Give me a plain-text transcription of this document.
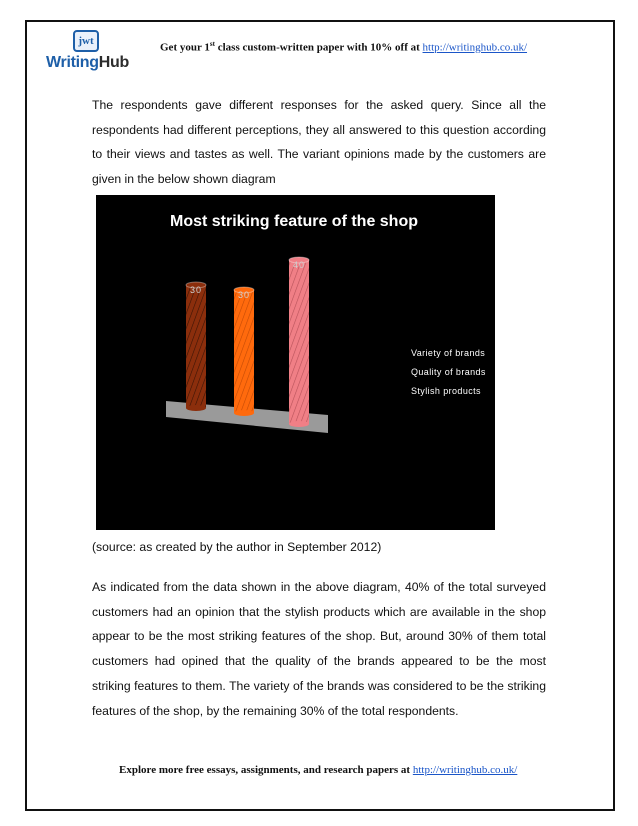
jwt
WritingHub
Get your 1st class custom-written paper with 10% off at http://writinghub.co.uk/

The respondents gave different responses for the asked query. Since all the respondents had different perceptions, they all answered to this question according to their views and tastes as well. The variant opinions made by the customers are given in the below shown diagram

Most striking feature of the shop
30	30
40
Variety of brands
Quality of brands
Stylish products
(source: as created by the author in September 2012)

As indicated from the data shown in the above diagram, 40% of the total surveyed customers had an opinion that the stylish products which are available in the shop appear to be the most striking features of the shop. But, around 30% of them total customers had opined that the quality of the brands appeared to be the most striking features to them. The variety of the brands was considered to be the striking features of the shop, by the remaining 30% of the total respondents.

Explore more free essays, assignments, and research papers at http://writinghub.co.uk/
